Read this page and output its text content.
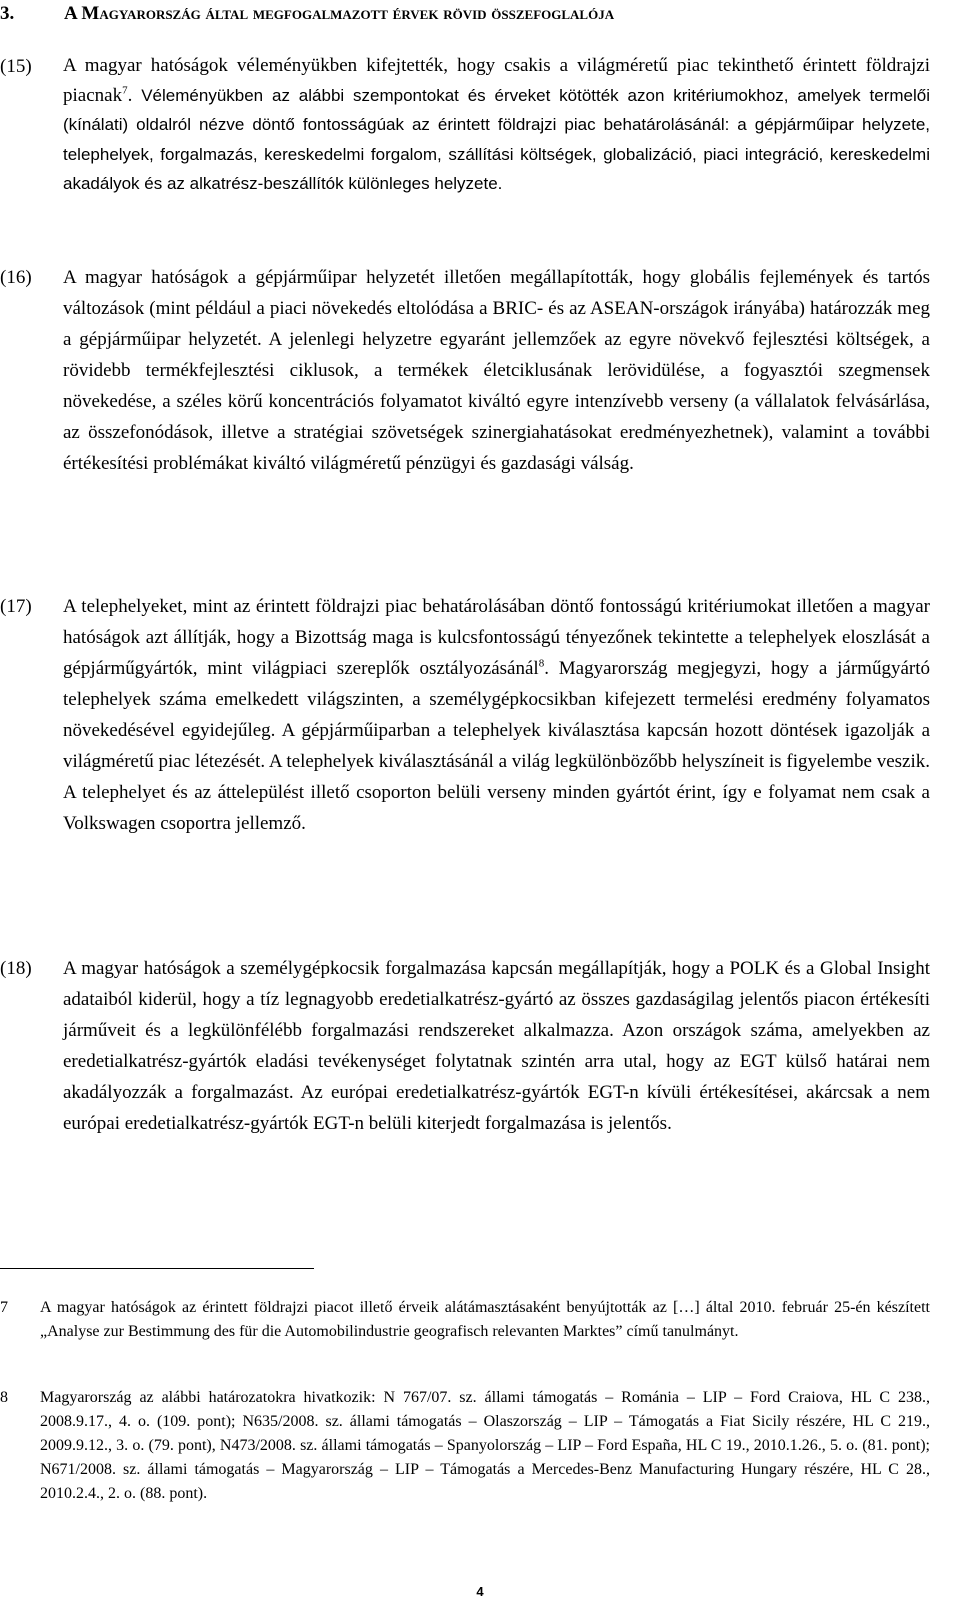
3.	A Magyarország által megfogalmazott érvek rövid összefoglalója
(15) A magyar hatóságok véleményükben kifejtették, hogy csakis a világméretű piac tekinthető érintett földrajzi piacnak$^7$. Véleményükben az alábbi szempontokat és érveket kötötték azon kritériumokhoz, amelyek termelői (kínálati) oldalról nézve döntő fontosságúak az érintett földrajzi piac behatárolásánál: a gépjárműipar helyzete, telephelyek, forgalmazás, kereskedelmi forgalom, szállítási költségek, globalizáció, piaci integráció, kereskedelmi akadályok és az alkatrész-beszállítók különleges helyzete.
(16) A magyar hatóságok a gépjárműipar helyzetét illetően megállapították, hogy globális fejlemények és tartós változások (mint például a piaci növekedés eltolódása a BRIC- és az ASEAN-országok irányába) határozzák meg a gépjárműipar helyzetét. A jelenlegi helyzetre egyaránt jellemzőek az egyre növekvő fejlesztési költségek, a rövidebb termékfejlesztési ciklusok, a termékek életciklusának lerövidülése, a fogyasztói szegmensek növekedése, a széles körű koncentrációs folyamatot kiváltó egyre intenzívebb verseny (a vállalatok felvásárlása, az összefonódások, illetve a stratégiai szövetségek szinergiahatásokat eredményezhetnek), valamint a további értékesítési problémákat kiváltó világméretű pénzügyi és gazdasági válság.
(17) A telephelyeket, mint az érintett földrajzi piac behatárolásában döntő fontosságú kritériumokat illetően a magyar hatóságok azt állítják, hogy a Bizottság maga is kulcsfontosságú tényezőnek tekintette a telephelyek eloszlását a gépjárműgyártók, mint világpiaci szereplők osztályozásánál$^8$. Magyarország megjegyzi, hogy a járműgyártó telephelyek száma emelkedett világszinten, a személygépkocsikban kifejezett termelési eredmény folyamatos növekedésével egyidejűleg. A gépjárműiparban a telephelyek kiválasztása kapcsán hozott döntések igazolják a világméretű piac létezését. A telephelyek kiválasztásánál a világ legkülönbözőbb helyszíneit is figyelembe veszik. A telephelyet és az áttelepülést illető csoporton belüli verseny minden gyártót érint, így e folyamat nem csak a Volkswagen csoportra jellemző.
(18) A magyar hatóságok a személygépkocsik forgalmazása kapcsán megállapítják, hogy a POLK és a Global Insight adataiból kiderül, hogy a tíz legnagyobb eredetialkatrész-gyártó az összes gazdaságilag jelentős piacon értékesíti járműveit és a legkülönfélébb forgalmazási rendszereket alkalmazza. Azon országok száma, amelyekben az eredetialkatrész-gyártók eladási tevékenységet folytatnak szintén arra utal, hogy az EGT külső határai nem akadályozzák a forgalmazást. Az európai eredetialkatrész-gyártók EGT-n kívüli értékesítései, akárcsak a nem európai eredetialkatrész-gyártók EGT-n belüli kiterjedt forgalmazása is jelentős.
7 A magyar hatóságok az érintett földrajzi piacot illető érveik alátámasztásaként benyújtották az […] által 2010. február 25-én készített „Analyse zur Bestimmung des für die Automobilindustrie geografisch relevanten Marktes” című tanulmányt.
8 Magyarország az alábbi határozatokra hivatkozik: N 767/07. sz. állami támogatás – Románia – LIP – Ford Craiova, HL C 238., 2008.9.17., 4. o. (109. pont); N635/2008. sz. állami támogatás – Olaszország – LIP – Támogatás a Fiat Sicily részére, HL C 219., 2009.9.12., 3. o. (79. pont), N473/2008. sz. állami támogatás – Spanyolország – LIP – Ford España, HL C 19., 2010.1.26., 5. o. (81. pont); N671/2008. sz. állami támogatás – Magyarország – LIP – Támogatás a Mercedes-Benz Manufacturing Hungary részére, HL C 28., 2010.2.4., 2. o. (88. pont).
4
